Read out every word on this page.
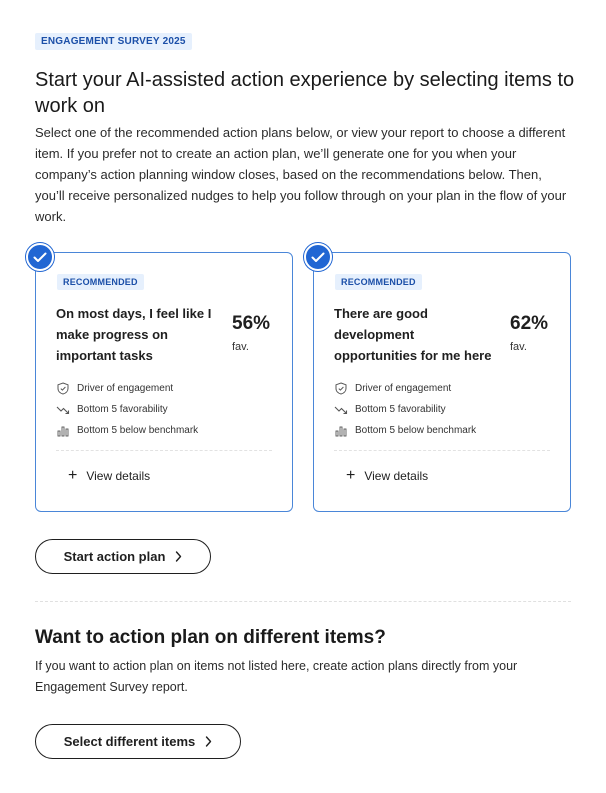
ENGAGEMENT SURVEY 2025
Start your AI-assisted action experience by selecting items to work on

Select one of the recommended action plans below, or view your report to choose a different item. If you prefer not to create an action plan, we’ll generate one for you when your company’s action planning window closes, based on the recommendations below. Then, you’ll receive personalized nudges to help you follow through on your plan in the flow of your work.

RECOMMENDED
On most days, I feel like I make progress on important tasks
56%
fav.
Driver of engagement
Bottom 5 favorability
Bottom 5 below benchmark
+ View details
RECOMMENDED
There are good development opportunities for me here
62%
fav.
Driver of engagement
Bottom 5 favorability
Bottom 5 below benchmark
+ View details
Start action plan
Want to action plan on different items?

If you want to action plan on items not listed here, create action plans directly from your Engagement Survey report.

Select different items
